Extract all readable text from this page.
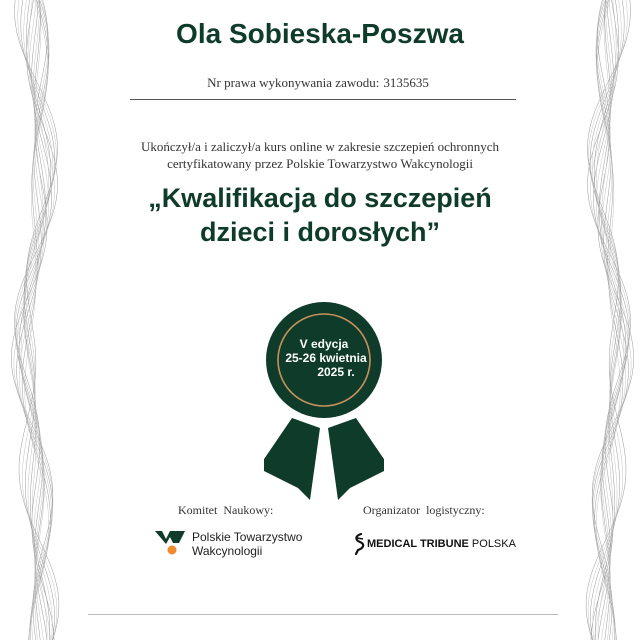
Ola Sobieska-Poszwa
Nr prawa wykonywania zawodu: 3135635
Ukończył/a i zaliczył/a kurs online w zakresie szczepień ochronnych
certyfikatowany przez Polskie Towarzystwo Wakcynologii
„Kwalifikacja do szczepień
dzieci i dorosłych”
V edycja
25-26 kwietnia
2025 r.
Komitet Naukowy:	Organizator logistyczny:
Polskie Towarzystwo
Wakcynologii	MEDICAL TRIBUNE POLSKA
